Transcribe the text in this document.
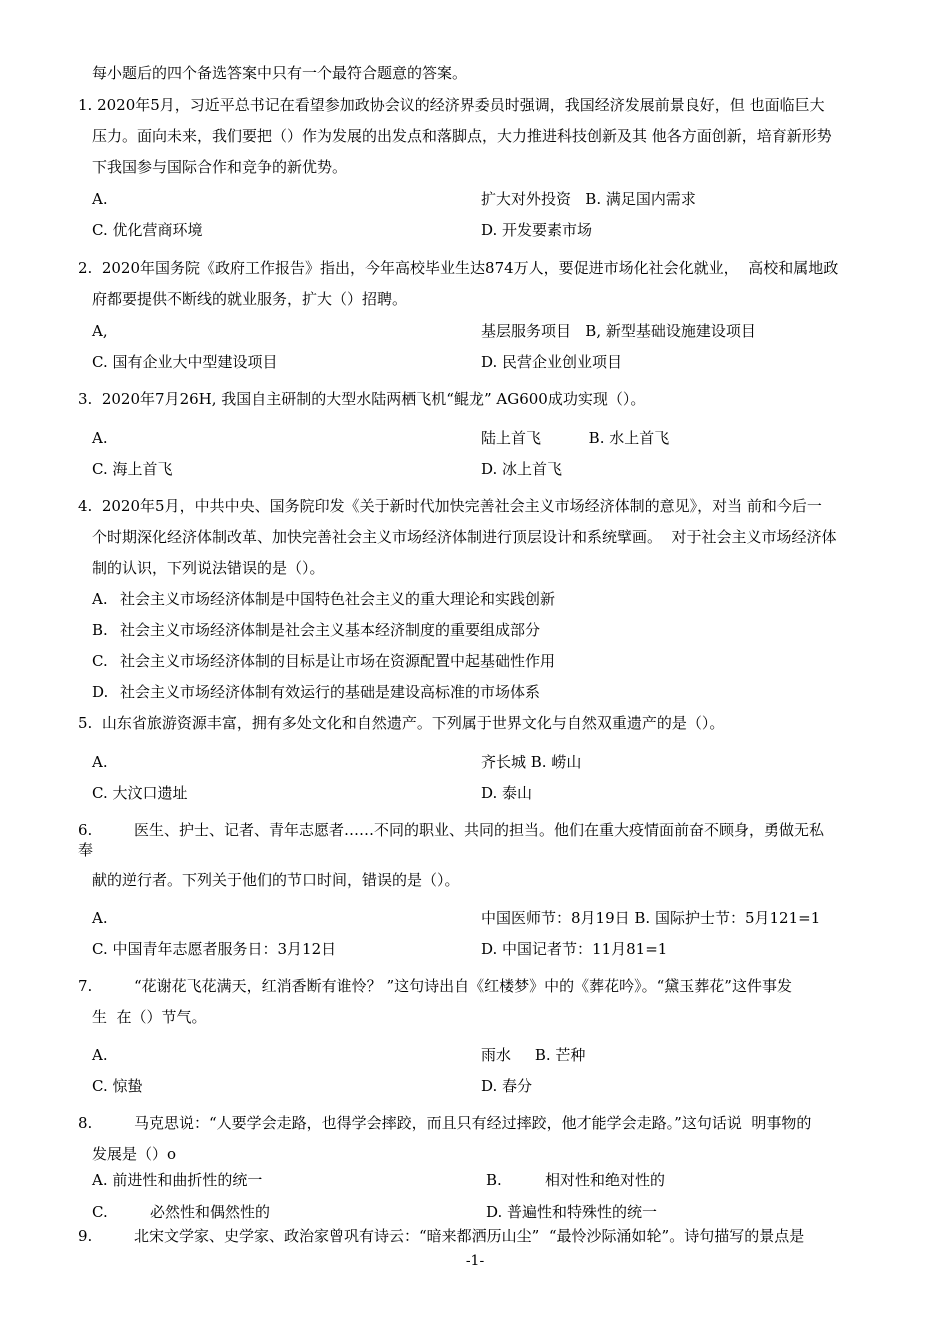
每小题后的四个备选答案中只有一个最符合题意的答案。
1. 2020年5月，习近平总书记在看望参加政协会议的经济界委员时强调，我国经济发展前景良好，但 也面临巨大
压力。面向未来，我们要把（）作为发展的出发点和落脚点，大力推进科技创新及其 他各方面创新，培育新形势
下我国参与国际合作和竞争的新优势。
A.	扩大对外投资   B. 满足国内需求
C. 优化营商环境	D. 开发要素市场
2.  2020年国务院《政府工作报告》指出，今年高校毕业生达874万人，要促进市场化社会化就业，  高校和属地政
府都要提供不断线的就业服务，扩大（）招聘。
A,	基层服务项目   B, 新型基础设施建设项目
C. 国有企业大中型建设项目	D. 民营企业创业项目
3.  2020年7月26H, 我国自主研制的大型水陆两栖飞机“鲲龙” AG600成功实现（）。
A.	陆上首飞          B. 水上首飞
C. 海上首飞	D. 冰上首飞
4.  2020年5月，中共中央、国务院印发《关于新时代加快完善社会主义市场经济体制的意见》，对当 前和今后一
个时期深化经济体制改革、加快完善社会主义市场经济体制进行顶层设计和系统擘画。  对于社会主义市场经济体
制的认识，下列说法错误的是（）。
A. 社会主义市场经济体制是中国特色社会主义的重大理论和实践创新
B. 社会主义市场经济体制是社会主义基本经济制度的重要组成部分
C. 社会主义市场经济体制的目标是让市场在资源配置中起基础性作用
D. 社会主义市场经济体制有效运行的基础是建设高标准的市场体系
5.  山东省旅游资源丰富，拥有多处文化和自然遗产。下列属于世界文化与自然双重遗产的是（）。
A.	齐长城 B. 崂山
C. 大汶口遗址	D. 泰山
6.	医生、护士、记者、青年志愿者……不同的职业、共同的担当。他们在重大疫情面前奋不顾身，勇做无私
奉
献的逆行者。下列关于他们的节口时间，错误的是（）。
A.	中国医师节：8月19日 B. 国际护士节：5月121=1
C. 中国青年志愿者服务日：3月12日	D. 中国记者节：11月81=1
7.	“花谢花飞花满天，红消香断有谁怜？ ”这句诗出自《红楼梦》中的《葬花吟》。“黛玉葬花”这件事发
生  在（）节气。
A.	雨水     B. 芒种
C. 惊蛰	D. 春分
8.	马克思说：“人要学会走路，也得学会摔跤，而且只有经过摔跤，他才能学会走路。”这句话说  明事物的
发展是（）o
A. 前进性和曲折性的统一	B.	相对性和绝对性的
C.	必然性和偶然性的	D. 普遍性和特殊性的统一
9.	北宋文学家、史学家、政治家曾巩有诗云：“暗来都洒历山尘”  “最怜沙际涌如轮”。诗句描写的景点是
-1-
